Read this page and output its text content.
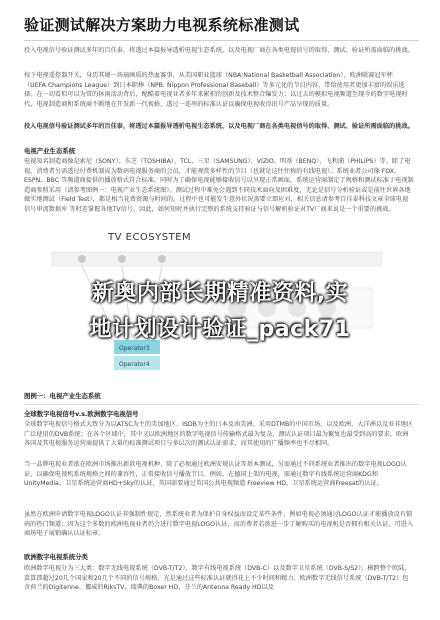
验证测试解决方案助力电视系统标准测试
投入电视信号验证测试多年的百佳泰，将透过本篇报导透析电视生态系统，以及电视厂商在各类电视信号的取得、测试、验证所需面临的挑战。
按下电视遥控器开关，身历其境一场扇画质的热血赛事，从美国职业篮球（NBA:National Basketball Association）、欧洲联赛冠军杯（UEFA Champions League）到日本职棒（NPB: Nippon Professional Baseball）等多元化的节目内容，带给使用者更加丰富的娱乐选择。在一切看似可以为常的休闲活动背后，配酷着电视业者多年来累积的创新及技术整合爆发力；以过去的模拟电视频道至现今的数字电视时代，电视制造商和系统商不断地在开发新一代视格，透过一连串的标准认证以确保电视收得讯号产品呈现的质量。
投入电视信号验证测试多年的百佳泰，将透过本篇报导透析电视生态系统，以及电视厂商在各类电视信号的取得、测试、验证所需面临的挑战。
电视产业生态系统
电视知名制造商像是索尼（SONY）、东芝（TOSHIBA）、TCL、三星（SAMSUNG）、VIZIO、明基（BENQ）、飞利浦（PHILIPS）等。除了电视，消费者另需透过付费机制成为数码电视服务商的会员，才能观赏多样性的节目（也就是这往往称的有线电视）。系统业者公司像 FOX、ESPN、BBC 等频道商提供的播放格式符合标准，同时为了确保电视能够接收信号以呈现正常画面，系统运营商制定了规格和测试标准于电视制造商参照采用（请参考图例一：电视产业生态系统图）。测试过程中难免会遇到不同技术面向及困难度，无论是信号分析验证或是前往世界各地做实地测试（Field Test），都是相当花费资源与时间的。过程中也可能发生意外状况需要立即应对，相关信息请参考百佳泰科技文章全球电视信号串流数据库 等时差掌握各地TV信号。因此，如何短时并执行完整的系统支持验证与信号解析验证对TV厂商来说是一个重要的挑战。
TV ECOSYSTEM
Operator3
Operator4
新奥内部长期精准资料,实
地计划设计验证_pack71
图例一：电视产业生态系统
全球数字电视信号v.s.欧洲数字电视信号
全球数字电视信号格式大致分为以ATSC为主的美加地区、ISDB为主的日本及南美洲、采用DTMB的中国市场，以及欧洲、大洋洲以及亚非地区广泛使用的DVB系统；在各个区域中，其中又以欧洲地区的数字电视信号传输格式最为复杂，测试认证项目最为繁复也最受到高的要求，欧洲各国及其电视服务运营商提供了大量的标准测试项目与多层次的测试认证需求，而其使用的广播频率也不尽相同。
当一品牌电视业者欲在欧洲市场推出新款电视机种，除了必须通过欧洲安规认证等基本测试，另需通过不同系统业者推出的数字电视LOGO认证，以确保电视机系统规格之间的兼容性，正常接收信号播放节目。例如，在德国上架的电视，需通过数字有线系统运营商KDG和UnityMedia、卫星系统运营商HD+Sky的认证，英国需要通过英国公共电视频道 Freeview HD、卫星系统运营商Freesat的认证。
虽然在欧洲申请数字电视LOGO认证非强制性规定，然系统业者为保护自身权益而设定某些条件，例如电视必须通过LOGO认证才能播放设有锁码的热门频道；因为这个多数的欧洲电视业者仍会进行数字电视LOGO认证，而消费者若欲进一步了解购买的电视机是否拥有相关认证，可进入商场电子展销确认认证标章。
欧洲数字电视系统分类
欧洲数字电视分为三大类：数字无线电视系统（DVB-T/T2）、数字有线电视系统（DVB-C）以及数字卫星系统（DVB-S/S2）；横跨整个欧陆，算算即超过20几个国家和20几个不同的信号规格，光是通过这些标准认证就得花上不少时间和精力。欧洲数字无线信号系统（DVB-T/T2）包含荷兰的Digitenne、挪威的RiksTV、瑞典的Boxer HD、芬兰的Antenna Ready HD以及
